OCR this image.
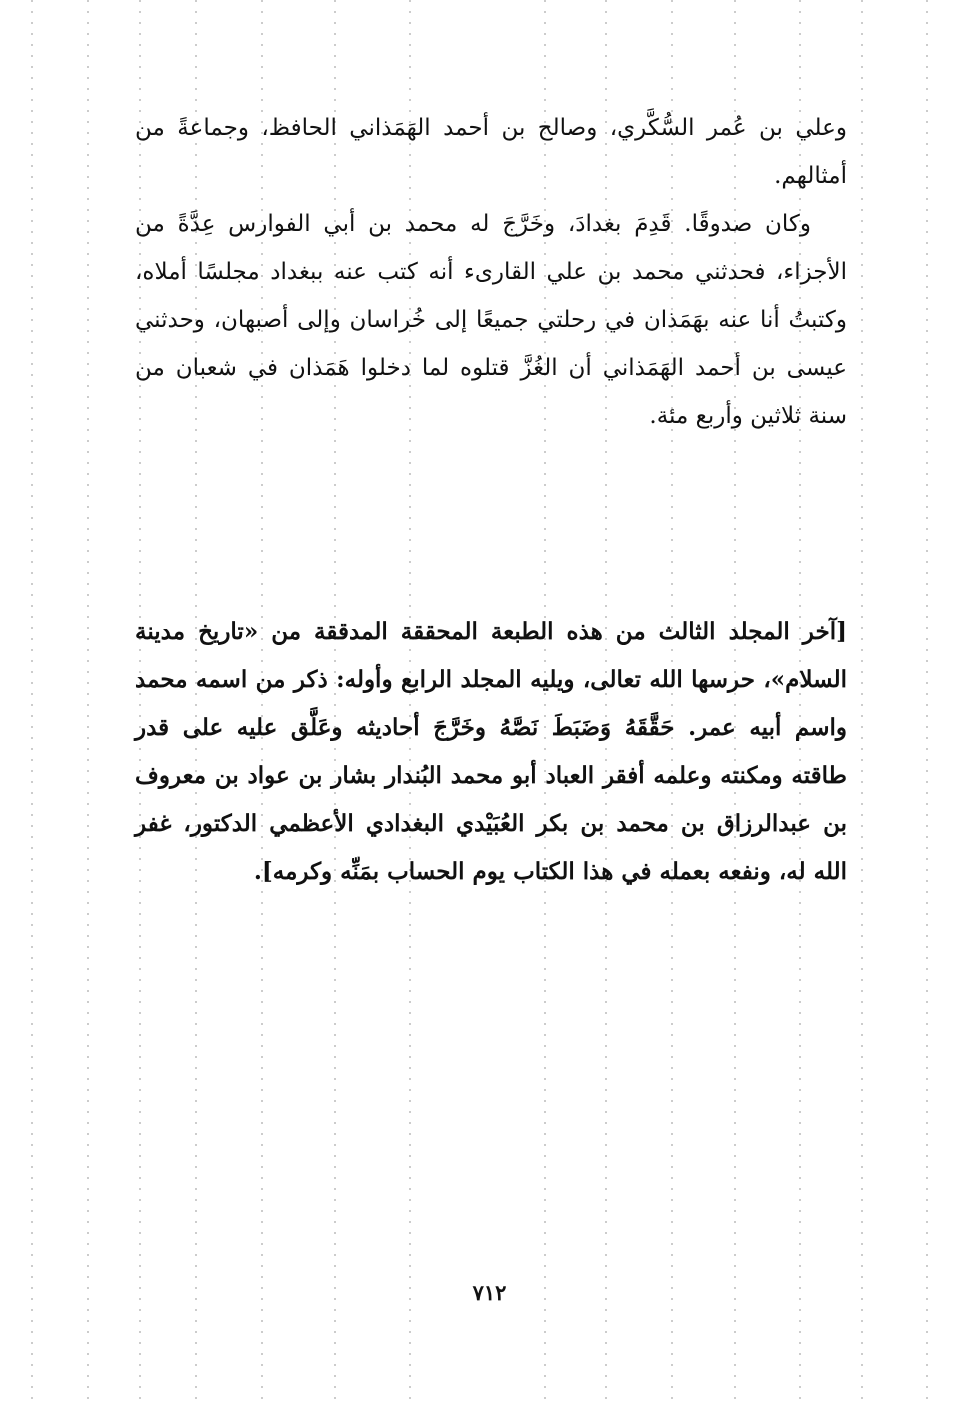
وعلي بن عُمر السُّكَّري، وصالح بن أحمد الهَمَذاني الحافظ، وجماعةً من أمثالهم.

وكان صدوقًا. قَدِمَ بغدادَ، وخَرَّجَ له محمد بن أبي الفوارس عِدَّةً من الأجزاء، فحدثني محمد بن علي القارىء أنه كتب عنه ببغداد مجلسًا أملاه، وكتبتُ أنا عنه بهَمَذان في رحلتي جميعًا إلى خُراسان وإلى أصبهان، وحدثني عيسى بن أحمد الهَمَذاني أن الغُزَّ قتلوه لما دخلوا هَمَذان في شعبان من سنة ثلاثين وأربع مئة.

[آخر المجلد الثالث من هذه الطبعة المحققة المدققة من «تاريخ مدينة السلام»، حرسها الله تعالى، ويليه المجلد الرابع وأوله: ذكر من اسمه محمد واسم أبيه عمر. حَقَّقَهُ وَضَبَطَ نَصَّهُ وخَرَّجَ أحاديثه وعَلَّق عليه على قدر طاقته ومكنته وعلمه أفقر العباد أبو محمد البُندار بشار بن عواد بن معروف بن عبدالرزاق بن محمد بن بكر العُبَيْدي البغدادي الأعظمي الدكتور، غفر الله له، ونفعه بعمله في هذا الكتاب يوم الحساب بمَنِّه وكرمه].

٧١٢
